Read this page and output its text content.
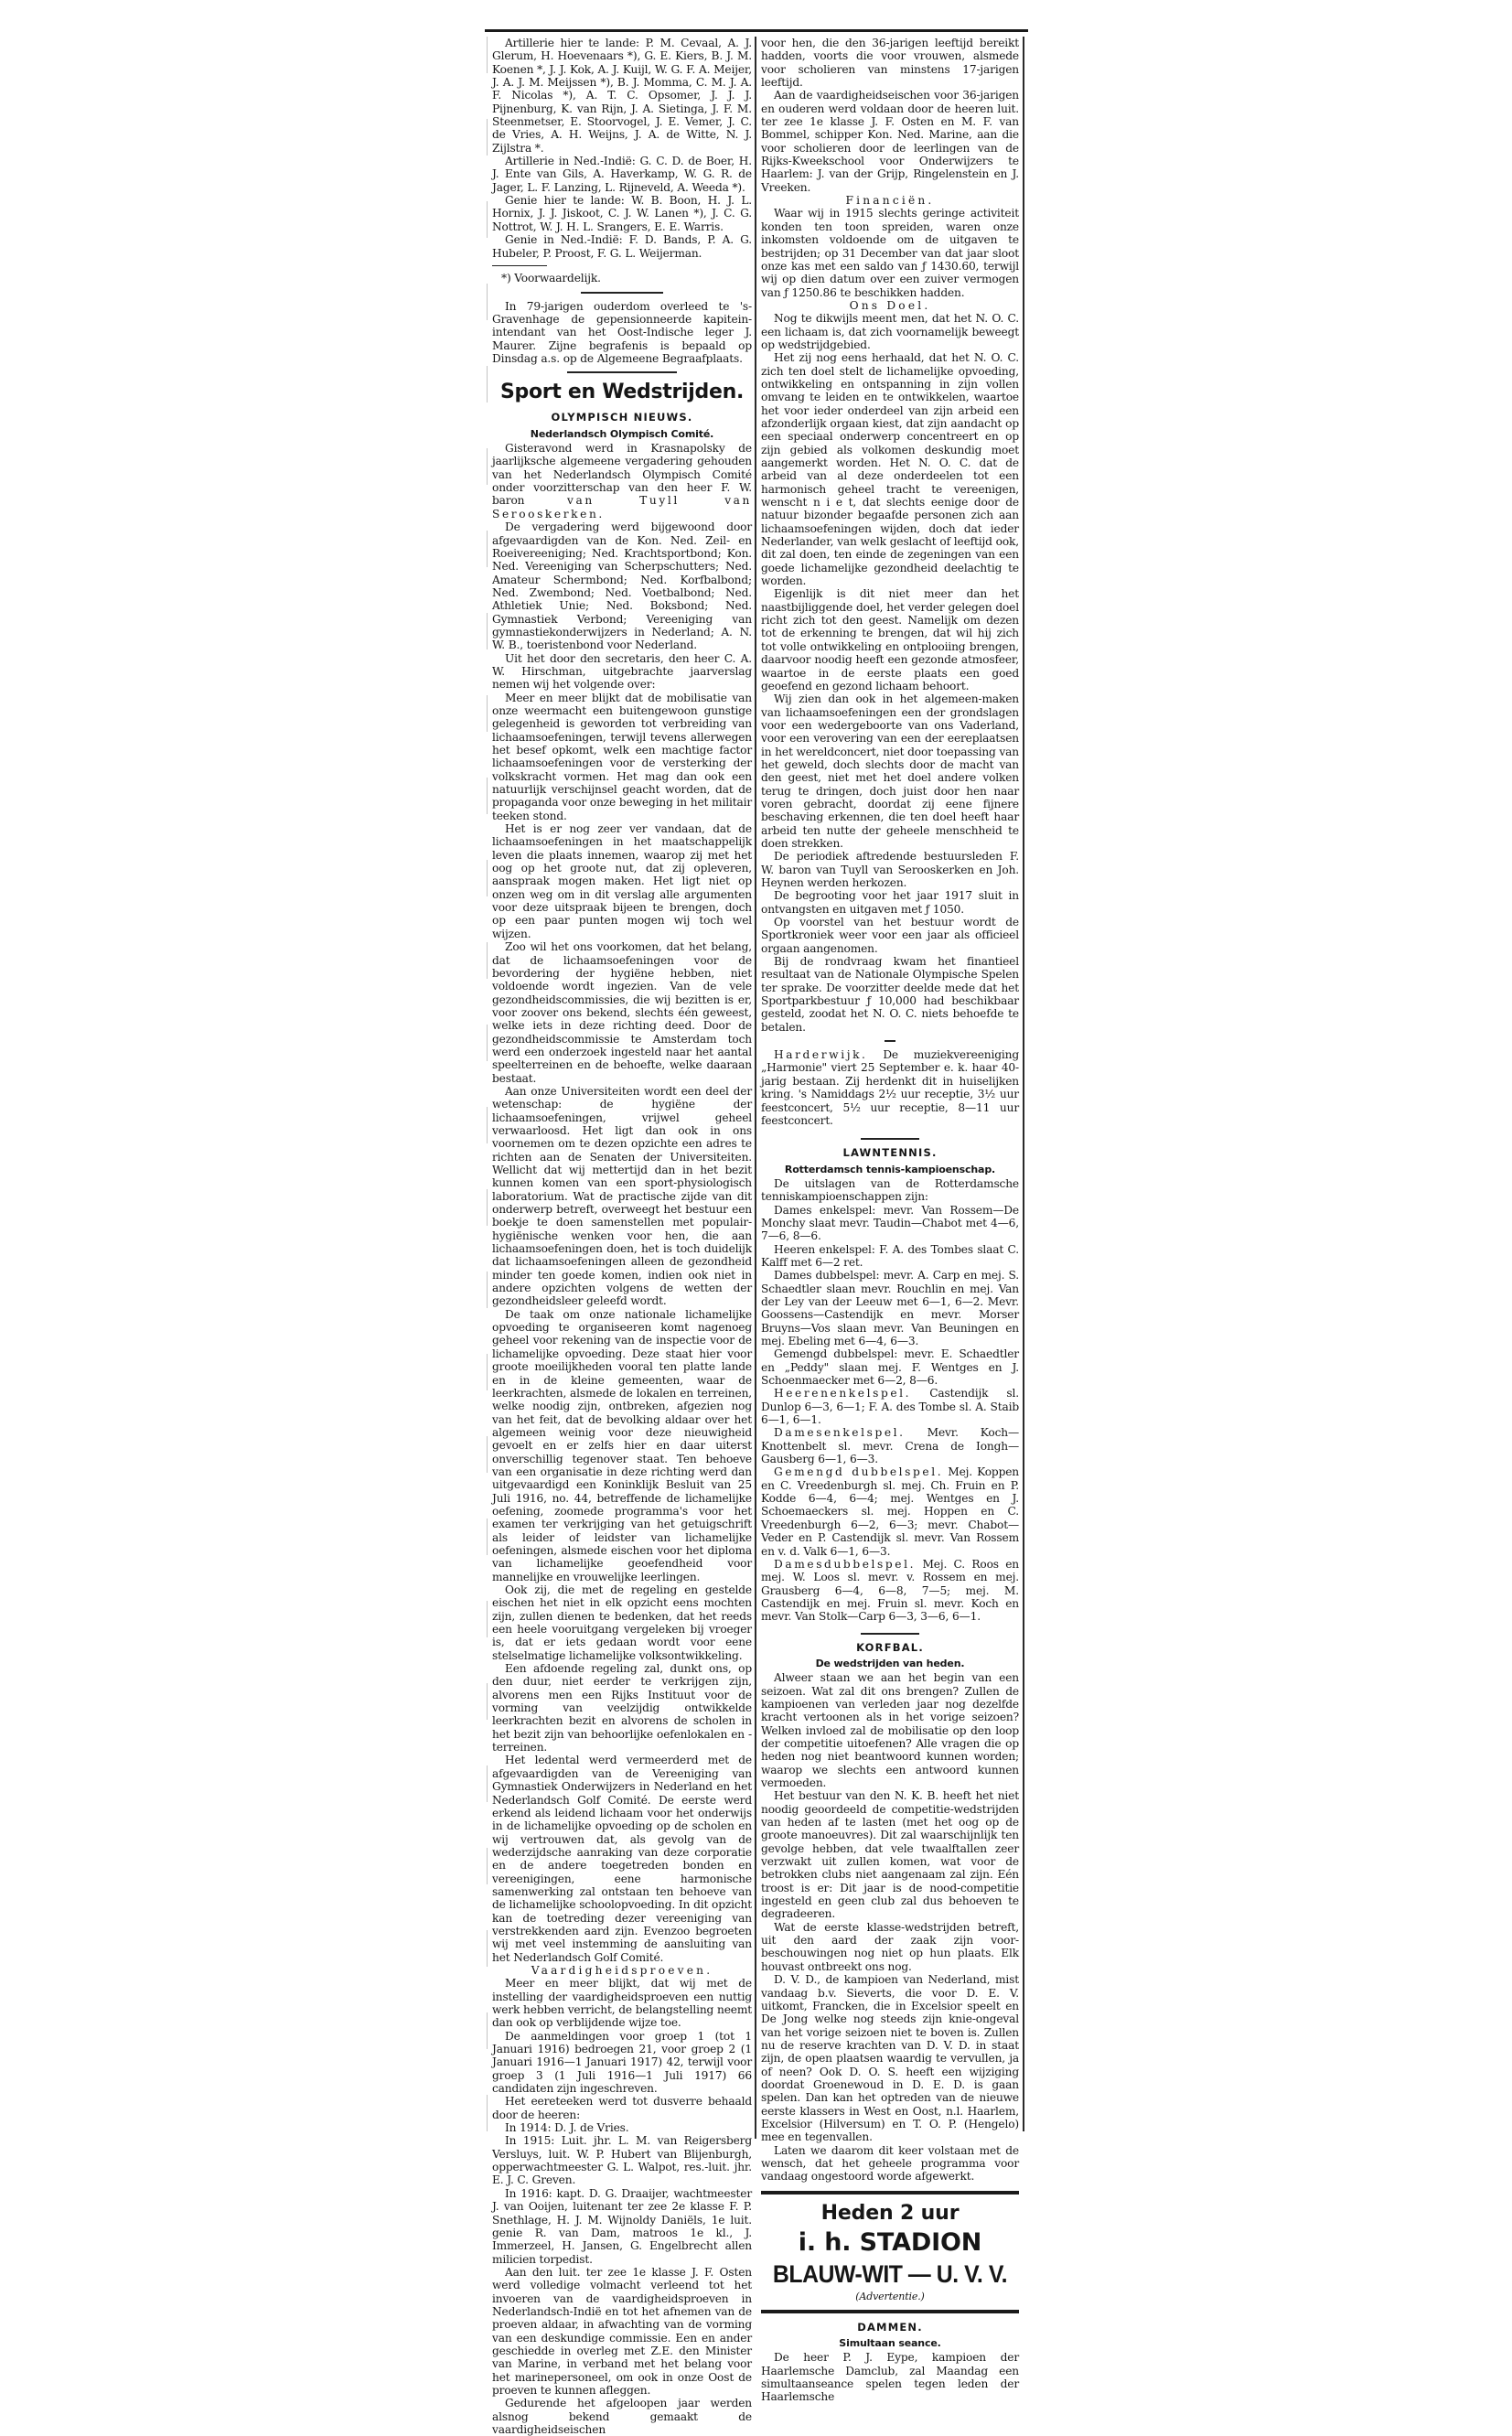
Artillerie hier te lande: P. M. Cevaal, A. J. Glerum, H. Hoevenaars *), G. E. Kiers, B. J. M. Koenen *, J. J. Kok, A. J. Kuijl, W. G. F. A. Meijer, J. A. J. M. Meijssen *), B. J. Momma, C. M. J. A. F. Nicolas *), A. T. C. Opsomer, J. J. J. Pijnenburg, K. van Rijn, J. A. Sietinga, J. F. M. Steenmetser, E. Stoorvogel, J. E. Vemer, J. C. de Vries, A. H. Weijns, J. A. de Witte, N. J. Zijlstra *.

Artillerie in Ned.-Indië: G. C. D. de Boer, H. J. Ente van Gils, A. Haverkamp, W. G. R. de Jager, L. F. Lanzing, L. Rijneveld, A. Weeda *).

Genie hier te lande: W. B. Boon, H. J. L. Hornix, J. J. Jiskoot, C. J. W. Lanen *), J. C. G. Nottrot, W. J. H. L. Srangers, E. E. Warris.

Genie in Ned.-Indië: F. D. Bands, P. A. G. Hubeler, P. Proost, F. G. L. Weijerman.

*) Voorwaardelijk.

In 79-jarigen ouderdom overleed te 's-Gravenhage de gepensionneerde kapitein-intendant van het Oost-Indische leger J. Maurer. Zijne begrafenis is bepaald op Dinsdag a.s. op de Algemeene Begraafplaats.

Sport en Wedstrijden.
OLYMPISCH NIEUWS.
Nederlandsch Olympisch Comité.

Gisteravond werd in Krasnapolsky de jaarlijksche algemeene vergadering gehouden van het Nederlandsch Olympisch Comité onder voorzitterschap van den heer F. W. baron	van Tuyll van Serooskerken.

De vergadering werd bijgewoond door afgevaardigden van de Kon. Ned. Zeil- en Roeivereeniging; Ned. Krachtsportbond; Kon. Ned. Vereeniging van Scherpschutters; Ned. Amateur Schermbond; Ned. Korfbalbond; Ned. Zwembond; Ned. Voetbalbond; Ned. Athletiek Unie; Ned. Boksbond; Ned. Gymnastiek Verbond; Vereeniging van gymnastiekonderwijzers in Nederland; A. N. W. B., toeristenbond voor Nederland.

Uit het door den secretaris, den heer C. A. W. Hirschman, uitgebrachte jaarverslag nemen wij het volgende over:

Meer en meer blijkt dat de mobilisatie van onze weermacht een buitengewoon gunstige gelegenheid is geworden tot verbreiding van lichaamsoefeningen, terwijl tevens allerwegen het besef opkomt, welk een machtige factor lichaamsoefeningen voor de versterking der volkskracht vormen. Het mag dan ook een natuurlijk verschijnsel geacht worden, dat de propaganda voor onze beweging in het militair teeken stond.

Het is er nog zeer ver vandaan, dat de lichaamsoefeningen in het maatschappelijk leven die plaats innemen, waarop zij met het oog op het groote nut, dat zij opleveren, aanspraak mogen maken. Het ligt niet op onzen weg om in dit verslag alle argumenten voor deze uitspraak bijeen te brengen, doch op een paar punten mogen wij toch wel wijzen.

Zoo wil het ons voorkomen, dat het belang, dat de lichaamsoefeningen voor de bevordering der hygiëne hebben, niet voldoende wordt ingezien. Van de vele gezondheidscommissies, die wij bezitten is er, voor zoover ons bekend, slechts één geweest, welke iets in deze richting deed. Door de gezondheidscommissie te Amsterdam toch werd een onderzoek ingesteld naar het aantal speelterreinen en de behoefte, welke daaraan bestaat.

Aan onze Universiteiten wordt een deel der wetenschap: de hygiëne der lichaamsoefeningen, vrijwel geheel verwaarloosd. Het ligt dan ook in ons voornemen om te dezen opzichte een adres te richten aan de Senaten der Universiteiten. Wellicht dat wij mettertijd dan in het bezit kunnen komen van een sport-physiologisch laboratorium. Wat de practische zijde van dit onderwerp betreft, overweegt het bestuur een boekje te doen samenstellen met populair-hygiënische wenken voor hen, die aan lichaamsoefeningen doen, het is toch duidelijk dat lichaamsoefeningen alleen de gezondheid minder ten goede komen, indien ook niet in andere opzichten volgens de wetten der gezondheidsleer geleefd wordt.

De taak om onze nationale lichamelijke opvoeding te organiseeren komt nagenoeg geheel voor rekening van de inspectie voor de lichamelijke opvoeding. Deze staat hier voor groote moeilijkheden vooral ten platte lande en in de kleine gemeenten, waar de leerkrachten, alsmede de lokalen en terreinen, welke noodig zijn, ontbreken, afgezien nog van het feit, dat de bevolking aldaar over het algemeen weinig voor deze nieuwigheid gevoelt en er zelfs hier en daar uiterst onverschillig tegenover staat. Ten behoeve van een organisatie in deze richting werd dan uitgevaardigd een Koninklijk Besluit van 25 Juli 1916, no. 44, betreffende de lichamelijke oefening, zoomede programma's voor het examen ter verkrijging van het getuigschrift als leider of leidster van lichamelijke oefeningen, alsmede eischen voor het diploma van lichamelijke geoefendheid voor mannelijke en vrouwelijke leerlingen.

Ook zij, die met de regeling en gestelde eischen het niet in elk opzicht eens mochten zijn, zullen dienen te bedenken, dat het reeds een heele vooruitgang vergeleken bij vroeger is, dat er iets gedaan wordt voor eene stelselmatige lichamelijke volksontwikkeling.

Een afdoende regeling zal, dunkt ons, op den duur, niet eerder te verkrijgen zijn, alvorens men een Rijks Instituut voor de vorming van veelzijdig ontwikkelde leerkrachten bezit en alvorens de scholen in het bezit zijn van behoorlijke oefenlokalen en -terreinen.

Het ledental werd vermeerderd met de afgevaardigden van de Vereeniging van Gymnastiek Onderwijzers in Nederland en het Nederlandsch Golf Comité. De eerste werd erkend als leidend lichaam voor het onderwijs in de lichamelijke opvoeding op de scholen en wij vertrouwen dat, als gevolg van de wederzijdsche aanraking van deze corporatie en de andere toegetreden bonden en vereenigingen, eene harmonische samenwerking zal ontstaan ten behoeve van de lichamelijke schoolopvoeding. In dit opzicht kan de toetreding dezer vereeniging van verstrekkenden aard zijn. Evenzoo begroeten wij met veel instemming de aansluiting van het Nederlandsch Golf Comité.

Vaardigheidsproeven.

Meer en meer blijkt, dat wij met de instelling der vaardigheidsproeven een nuttig werk hebben verricht, de belangstelling neemt dan ook op verblijdende wijze toe.

De aanmeldingen voor groep 1 (tot 1 Januari 1916) bedroegen 21, voor groep 2 (1 Januari 1916—1 Januari 1917) 42, terwijl voor groep 3 (1 Juli 1916—1 Juli 1917) 66 candidaten zijn ingeschreven.

Het eereteeken werd tot dusverre behaald door de heeren:

In 1914: D. J. de Vries.

In 1915: Luit. jhr. L. M. van Reigersberg Versluys, luit. W. P. Hubert van Blijenburgh, opperwachtmeester G. L. Walpot, res.-luit. jhr. E. J. C. Greven.

In 1916: kapt. D. G. Draaijer, wachtmeester J. van Ooijen, luitenant ter zee 2e klasse F. P. Snethlage, H. J. M. Wijnoldy Daniëls, 1e luit. genie R. van Dam, matroos 1e kl., J. Immerzeel, H. Jansen, G. Engelbrecht allen milicien torpedist.

Aan den luit. ter zee 1e klasse J. F. Osten werd volledige volmacht verleend tot het invoeren van de vaardigheidsproeven in Nederlandsch-Indië en tot het afnemen van de proeven aldaar, in afwachting van de vorming van een deskundige commissie. Een en ander geschiedde in overleg met Z.E. den Minister van Marine, in verband met het belang voor het marinepersoneel, om ook in onze Oost de proeven te kunnen afleggen.

Gedurende het afgeloopen jaar werden alsnog bekend gemaakt de vaardigheidseischen

voor hen, die den 36-jarigen leeftijd bereikt hadden, voorts die voor vrouwen, alsmede voor scholieren van minstens 17-jarigen leeftijd.

Aan de vaardigheidseischen voor 36-jarigen en ouderen werd voldaan door de heeren luit. ter zee 1e klasse J. F. Osten en M. F. van Bommel, schipper Kon. Ned. Marine, aan die voor scholieren door de leerlingen van de Rijks-Kweekschool voor Onderwijzers te Haarlem: J. van der Grijp, Ringelenstein en J. Vreeken.

Financiën.

Waar wij in 1915 slechts geringe activiteit konden ten toon spreiden, waren onze inkomsten voldoende om de uitgaven te bestrijden; op 31 December van dat jaar sloot onze kas met een saldo van ƒ 1430.60, terwijl wij op dien datum over een zuiver vermogen van ƒ 1250.86 te beschikken hadden.

Ons Doel.

Nog te dikwijls meent men, dat het N. O. C. een lichaam is, dat zich voornamelijk beweegt op wedstrijdgebied.

Het zij nog eens herhaald, dat het N. O. C. zich ten doel stelt de lichamelijke opvoeding, ontwikkeling en ontspanning in zijn vollen omvang te leiden en te ontwikkelen, waartoe het voor ieder onderdeel van zijn arbeid een afzonderlijk orgaan kiest, dat zijn aandacht op een speciaal onderwerp concentreert en op zijn gebied als volkomen deskundig moet aangemerkt worden. Het N. O. C. dat de arbeid van al deze onderdeelen tot een harmonisch geheel tracht te vereenigen, wenscht n i e t, dat slechts eenige door de natuur bizonder begaafde personen zich aan lichaamsoefeningen wijden, doch dat ieder Nederlander, van welk geslacht of leeftijd ook, dit zal doen, ten einde de zegeningen van een goede lichamelijke gezondheid deelachtig te worden.

Eigenlijk is dit niet meer dan het naastbijliggende doel, het verder gelegen doel richt zich tot den geest. Namelijk om dezen tot de erkenning te brengen, dat wil hij zich tot volle ontwikkeling en ontplooiing brengen, daarvoor noodig heeft een gezonde atmosfeer, waartoe in de eerste plaats een goed geoefend en gezond lichaam behoort.

Wij zien dan ook in het algemeen-maken van lichaamsoefeningen een der grondslagen voor een wedergeboorte van ons Vaderland, voor een verovering van een der eereplaatsen in het wereldconcert, niet door toepassing van het geweld, doch slechts door de macht van den geest, niet met het doel andere volken terug te dringen, doch juist door hen naar voren gebracht, doordat zij eene fijnere beschaving erkennen, die ten doel heeft haar arbeid ten nutte der geheele menschheid te doen strekken.

De periodiek aftredende bestuursleden F. W. baron van Tuyll van Serooskerken en Joh. Heynen werden herkozen.

De begrooting voor het jaar 1917 sluit in ontvangsten en uitgaven met ƒ 1050.

Op voorstel van het bestuur wordt de Sportkroniek weer voor een jaar als officieel orgaan aangenomen.

Bij de rondvraag kwam het finantieel resultaat van de Nationale Olympische Spelen ter sprake. De voorzitter deelde mede dat het Sportparkbestuur ƒ 10,000 had beschikbaar gesteld, zoodat het N. O. C. niets behoefde te betalen.

Harderwijk. De muziekvereeniging „Harmonie" viert 25 September e. k. haar 40-jarig bestaan. Zij herdenkt dit in huiselijken kring. 's Namiddags 2½ uur receptie, 3½ uur feestconcert, 5½ uur receptie, 8—11 uur feestconcert.

LAWNTENNIS.
Rotterdamsch tennis-kampioenschap.

De uitslagen van de Rotterdamsche tenniskampioenschappen zijn:

Dames enkelspel: mevr. Van Rossem—De Monchy slaat mevr. Taudin—Chabot met 4—6, 7—6, 8—6.

Heeren enkelspel: F. A. des Tombes slaat C. Kalff met 6—2 ret.

Dames dubbelspel: mevr. A. Carp en mej. S. Schaedtler slaan mevr. Rouchlin en mej. Van der Ley van der Leeuw met 6—1, 6—2. Mevr. Goossens—Castendijk en mevr. Morser Bruyns—Vos slaan mevr. Van Beuningen en mej. Ebeling met 6—4, 6—3.

Gemengd dubbelspel: mevr. E. Schaedtler en „Peddy" slaan mej. F. Wentges en J. Schoenmaecker met 6—2, 8—6.

Heerenenkelspel. Castendijk sl. Dunlop 6—3, 6—1; F. A. des Tombe sl. A. Staib 6—1, 6—1.

Damesenkelspel. Mevr. Koch—Knottenbelt sl. mevr. Crena de Iongh—Gausberg 6—1, 6—3.

Gemengd dubbelspel. Mej. Koppen en C. Vreedenburgh sl. mej. Ch. Fruin en P. Kodde 6—4, 6—4; mej. Wentges en J. Schoemaeckers sl. mej. Hoppen en C. Vreedenburgh 6—2, 6—3; mevr. Chabot—Veder en P. Castendijk sl. mevr. Van Rossem en v. d. Valk 6—1, 6—3.

Damesdubbelspel. Mej. C. Roos en mej. W. Loos sl. mevr. v. Rossem en mej. Grausberg 6—4, 6—8, 7—5; mej. M. Castendijk en mej. Fruin sl. mevr. Koch en mevr. Van Stolk—Carp 6—3, 3—6, 6—1.

KORFBAL.
De wedstrijden van heden.

Alweer staan we aan het begin van een seizoen. Wat zal dit ons brengen? Zullen de kampioenen van verleden jaar nog dezelfde kracht vertoonen als in het vorige seizoen? Welken invloed zal de mobilisatie op den loop der competitie uitoefenen? Alle vragen die op heden nog niet beantwoord kunnen worden; waarop we slechts een antwoord kunnen vermoeden.

Het bestuur van den N. K. B. heeft het niet noodig geoordeeld de competitie-wedstrijden van heden af te lasten (met het oog op de groote manoeuvres). Dit zal waarschijnlijk ten gevolge hebben, dat vele twaalftallen zeer verzwakt uit zullen komen, wat voor de betrokken clubs niet aangenaam zal zijn. Eén troost is er: Dit jaar is de nood-competitie ingesteld en geen club zal dus behoeven te degradeeren.

Wat de eerste klasse-wedstrijden betreft, uit den aard der zaak zijn voor-beschouwingen nog niet op hun plaats. Elk houvast ontbreekt ons nog.

D. V. D., de kampioen van Nederland, mist vandaag b.v. Sieverts, die voor D. E. V. uitkomt, Francken, die in Excelsior speelt en De Jong welke nog steeds zijn knie-ongeval van het vorige seizoen niet te boven is. Zullen nu de reserve krachten van D. V. D. in staat zijn, de open plaatsen waardig te vervullen, ja of neen? Ook D. O. S. heeft een wijziging doordat Groenewoud in D. E. D. is gaan spelen. Dan kan het optreden van de nieuwe eerste klassers in West en Oost, n.l. Haarlem, Excelsior (Hilversum) en T. O. P. (Hengelo) mee en tegenvallen.

Laten we daarom dit keer volstaan met de wensch, dat het geheele programma voor vandaag ongestoord worde afgewerkt.

Heden 2 uur
i. h. STADION
BLAUW-WIT — U. V. V.
(Advertentie.)
DAMMEN.
Simultaan seance.

De heer P. J. Eype, kampioen der Haarlemsche Damclub, zal Maandag een simultaanseance spelen tegen leden der Haarlemsche
